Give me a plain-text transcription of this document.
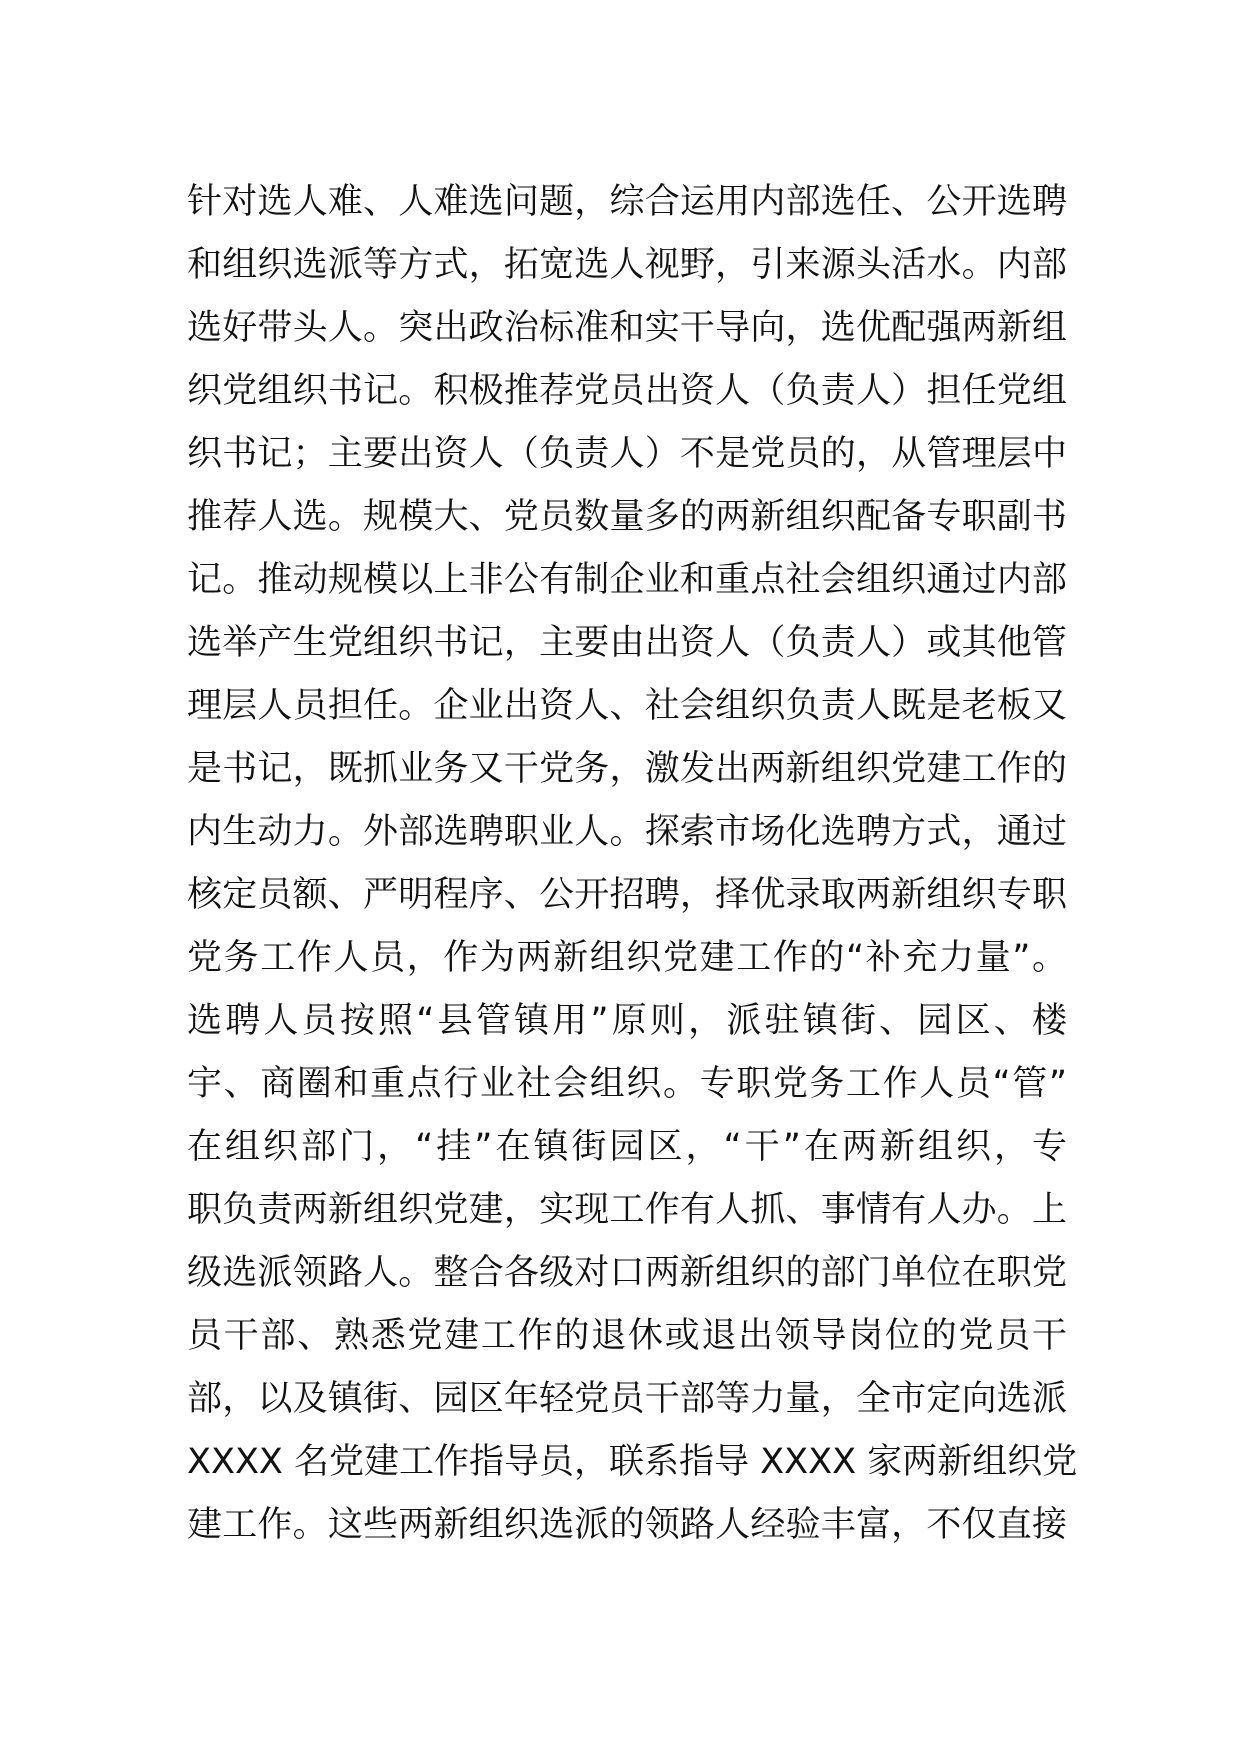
针对选人难、人难选问题，综合运用内部选任、公开选聘
和组织选派等方式，拓宽选人视野，引来源头活水。内部
选好带头人。突出政治标准和实干导向，选优配强两新组
织党组织书记。积极推荐党员出资人（负责人）担任党组
织书记；主要出资人（负责人）不是党员的，从管理层中
推荐人选。规模大、党员数量多的两新组织配备专职副书
记。推动规模以上非公有制企业和重点社会组织通过内部
选举产生党组织书记，主要由出资人（负责人）或其他管
理层人员担任。企业出资人、社会组织负责人既是老板又
是书记，既抓业务又干党务，激发出两新组织党建工作的
内生动力。外部选聘职业人。探索市场化选聘方式，通过
核定员额、严明程序、公开招聘，择优录取两新组织专职
党务工作人员，作为两新组织党建工作的“补充力量”。
选聘人员按照“县管镇用”原则，派驻镇街、园区、楼
宇、商圈和重点行业社会组织。专职党务工作人员“管”
在组织部门，“挂”在镇街园区，“干”在两新组织，专
职负责两新组织党建，实现工作有人抓、事情有人办。上
级选派领路人。整合各级对口两新组织的部门单位在职党
员干部、熟悉党建工作的退休或退出领导岗位的党员干
部，以及镇街、园区年轻党员干部等力量，全市定向选派
XXXX 名党建工作指导员，联系指导 XXXX 家两新组织党
建工作。这些两新组织选派的领路人经验丰富，不仅直接
